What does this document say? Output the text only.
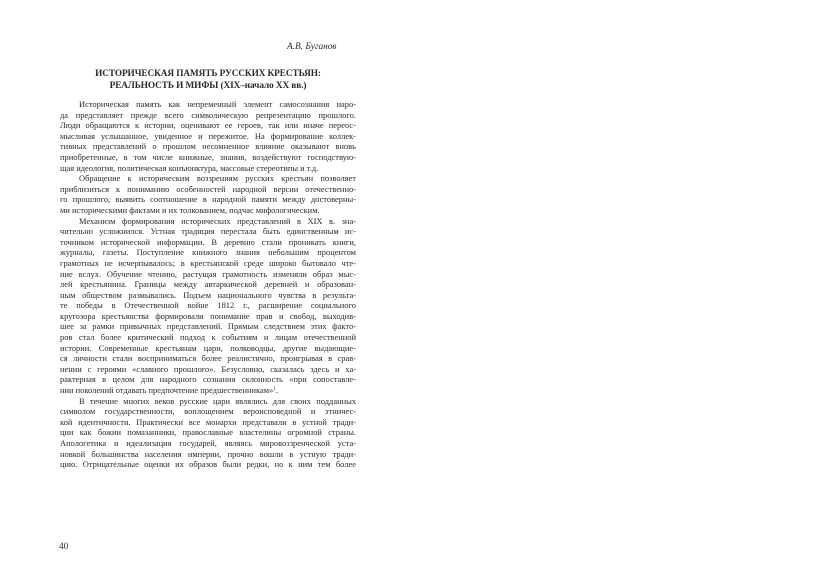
А.В. Буганов
ИСТОРИЧЕСКАЯ ПАМЯТЬ РУССКИХ КРЕСТЬЯН:
РЕАЛЬНОСТЬ И МИФЫ (XIX–начало XX вв.)
Историческая память как непременный элемент самосознания наро-
да представляет прежде всего символическую репрезентацию прошлого.
Люди обращаются к истории, оценивают ее героев, так или иначе переос-
мысливая услышанное, увиденное и пережитое. На формирование коллек-
тивных представлений о прошлом несомненное влияние оказывают вновь
приобретенные, в том числе книжные, знания, воздействуют господствую-
щая идеология, политическая конъюнктура, массовые стереотипы и т.д.
Обращение к историческим воззрениям русских крестьян позволяет
приблизиться к пониманию особенностей народной версии отечественно-
го прошлого, выявить соотношение в народной памяти между достоверны-
ми историческими фактами и их толкованием, подчас мифологическим.
Механизм формирования исторических представлений в XIX в. зна-
чительно усложнился. Устная традиция перестала быть единственным ис-
точником исторической информации. В деревню стали проникать книги,
журналы, газеты. Поступление книжного знания небольшим процентом
грамотных не исчерпывалось; в крестьянской среде широко бытовало чте-
ние вслух. Обучение чтению, растущая грамотность изменяли образ мыс-
лей крестьянина. Границы между автаркической деревней и образован-
ным обществом размывались. Подъем национального чувства в результа-
те победы в Отечественной войне 1812 г., расширение социального
кругозора крестьянства формировали понимание прав и свобод, выходив-
шее за рамки привычных представлений. Прямым следствием этих факто-
ров стал более критический подход к событиям и лицам отечественной
истории. Современные крестьянам цари, полководцы, другие выдающие-
ся личности стали восприниматься более реалистично, проигрывая в срав-
нении с героями «славного прошлого». Безусловно, сказалась здесь и ха-
рактерная в целом для народного сознания склонность «при сопоставле-
нии поколений отдавать предпочтение предшественникам»$^1$.
В течение многих веков русские цари являлись для своих подданных
символом государственности, воплощением вероисповедной и этничес-
кой идентичности. Практически все монархи представали в устной тради-
ции как божии помазанники, православные властелины огромной страны.
Апологетика и идеализация государей, являясь мировоззренческой уста-
новкой большинства населения империи, прочно вошли в устную тради-
цию. Отрицательные оценки их образов были редки, но к ним тем более
40
